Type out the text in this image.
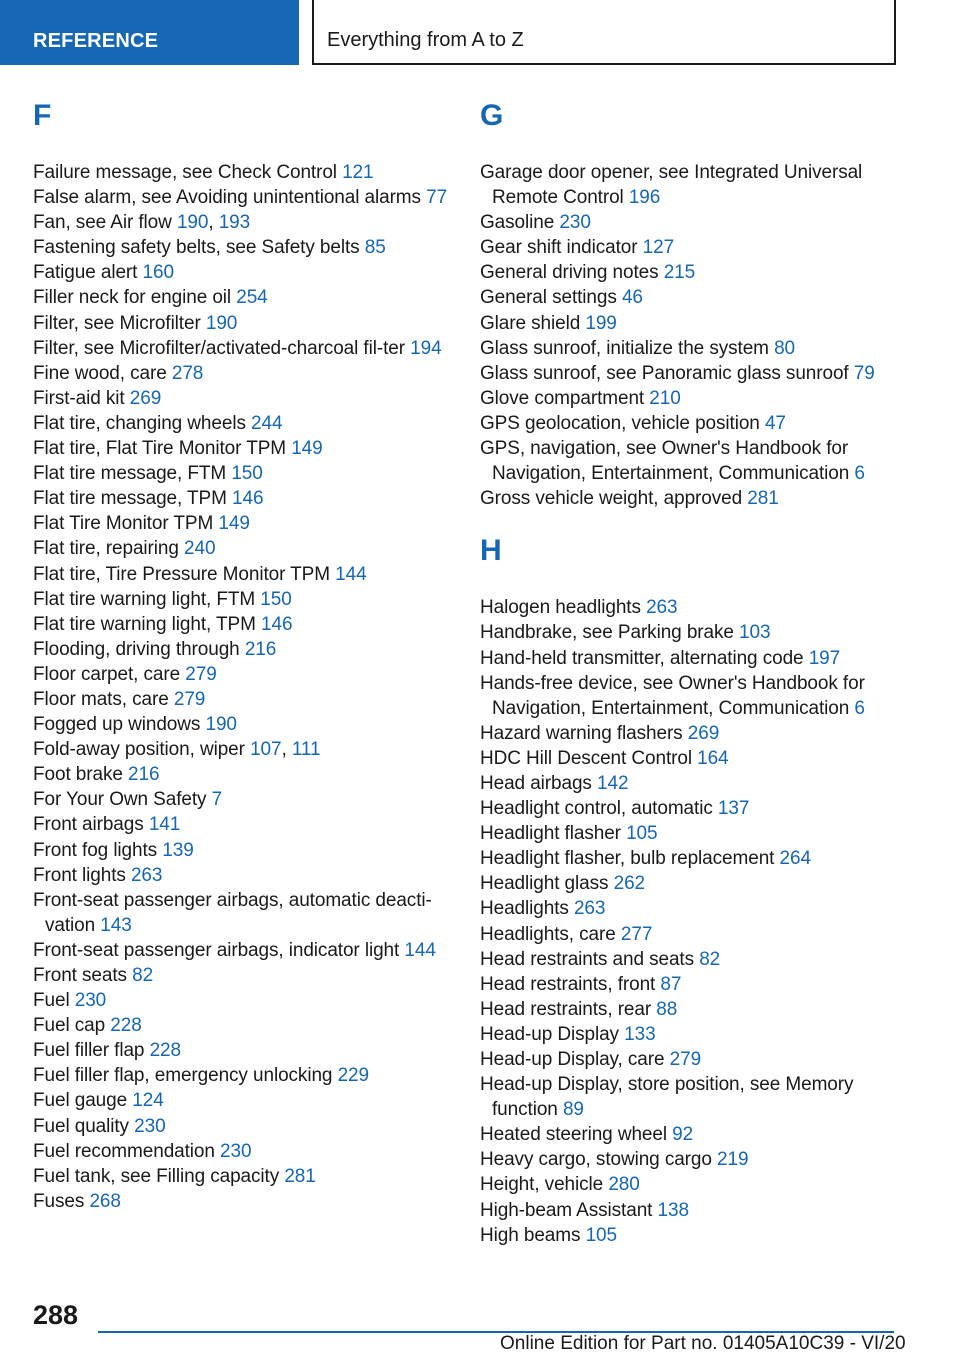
REFERENCE	Everything from A to Z
F

Failure message, see Check Control 121

False alarm, see Avoiding unintentional alarms 77

Fan, see Air flow 190, 193

Fastening safety belts, see Safety belts 85

Fatigue alert 160

Filler neck for engine oil 254

Filter, see Microfilter 190

Filter, see Microfilter/activated-charcoal fil-ter 194

Fine wood, care 278

First-aid kit 269

Flat tire, changing wheels 244

Flat tire, Flat Tire Monitor TPM 149

Flat tire message, FTM 150

Flat tire message, TPM 146

Flat Tire Monitor TPM 149

Flat tire, repairing 240

Flat tire, Tire Pressure Monitor TPM 144

Flat tire warning light, FTM 150

Flat tire warning light, TPM 146

Flooding, driving through 216

Floor carpet, care 279

Floor mats, care 279

Fogged up windows 190

Fold-away position, wiper 107, 111

Foot brake 216

For Your Own Safety 7

Front airbags 141

Front fog lights 139

Front lights 263

Front-seat passenger airbags, automatic deacti-vation 143

Front-seat passenger airbags, indicator light 144

Front seats 82

Fuel 230

Fuel cap 228

Fuel filler flap 228

Fuel filler flap, emergency unlocking 229

Fuel gauge 124

Fuel quality 230

Fuel recommendation 230

Fuel tank, see Filling capacity 281

Fuses 268

G

Garage door opener, see Integrated Universal Remote Control 196

Gasoline 230

Gear shift indicator 127

General driving notes 215

General settings 46

Glare shield 199

Glass sunroof, initialize the system 80

Glass sunroof, see Panoramic glass sunroof 79

Glove compartment 210

GPS geolocation, vehicle position 47

GPS, navigation, see Owner's Handbook for Navigation, Entertainment, Communication 6

Gross vehicle weight, approved 281

H

Halogen headlights 263

Handbrake, see Parking brake 103

Hand-held transmitter, alternating code 197

Hands-free device, see Owner's Handbook for Navigation, Entertainment, Communication 6

Hazard warning flashers 269

HDC Hill Descent Control 164

Head airbags 142

Headlight control, automatic 137

Headlight flasher 105

Headlight flasher, bulb replacement 264

Headlight glass 262

Headlights 263

Headlights, care 277

Head restraints and seats 82

Head restraints, front 87

Head restraints, rear 88

Head-up Display 133

Head-up Display, care 279

Head-up Display, store position, see Memory function 89

Heated steering wheel 92

Heavy cargo, stowing cargo 219

Height, vehicle 280

High-beam Assistant 138

High beams 105

288
Online Edition for Part no. 01405A10C39 - VI/20
